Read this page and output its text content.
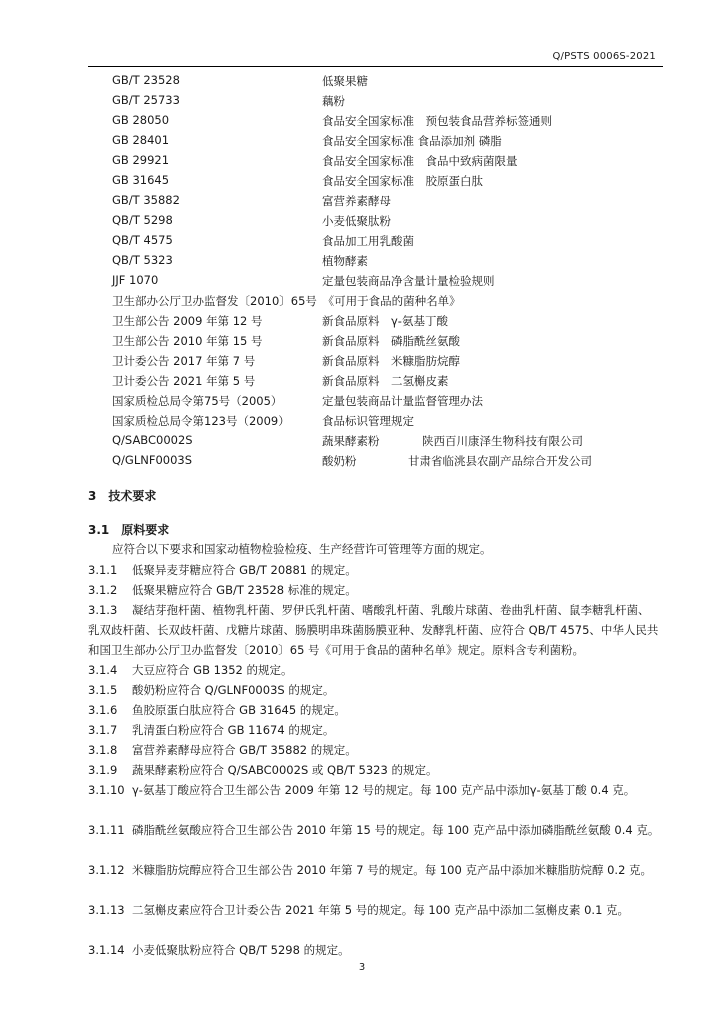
Q/PSTS 0006S-2021
GB/T 23528	低聚果糖
GB/T 25733	藕粉
GB 28050	食品安全国家标准　预包装食品营养标签通则
GB 28401	食品安全国家标准 食品添加剂 磷脂
GB 29921	食品安全国家标准　食品中致病菌限量
GB 31645	食品安全国家标准　胶原蛋白肽
GB/T 35882	富营养素酵母
QB/T 5298	小麦低聚肽粉
QB/T 4575	食品加工用乳酸菌
QB/T 5323	植物酵素
JJF 1070	定量包装商品净含量计量检验规则
卫生部办公厅卫办监督发〔2010〕65号　《可用于食品的菌种名单》
卫生部公告 2009 年第 12 号	新食品原料　γ-氨基丁酸
卫生部公告 2010 年第 15 号	新食品原料　磷脂酰丝氨酸
卫计委公告 2017 年第 7 号	新食品原料　米糠脂肪烷醇
卫计委公告 2021 年第 5 号	新食品原料　二氢槲皮素
国家质检总局令第75号（2005）	定量包装商品计量监督管理办法
国家质检总局令第123号（2009）	食品标识管理规定
Q/SABC0002S	蔬果酵素粉	陕西百川康泽生物科技有限公司
Q/GLNF0003S	酸奶粉	甘肃省临洮县农副产品综合开发公司
3　技术要求
3.1　原料要求
应符合以下要求和国家动植物检验检疫、生产经营许可管理等方面的规定。
3.1.1 低聚异麦芽糖应符合 GB/T 20881 的规定。
3.1.2 低聚果糖应符合 GB/T 23528 标准的规定。
3.1.3 凝结芽孢杆菌、植物乳杆菌、罗伊氏乳杆菌、嗜酸乳杆菌、乳酸片球菌、卷曲乳杆菌、鼠李糖乳杆菌、乳双歧杆菌、长双歧杆菌、戊糖片球菌、肠膜明串珠菌肠膜亚种、发酵乳杆菌、应符合 QB/T 4575、中华人民共和国卫生部办公厅卫办监督发〔2010〕65 号《可用于食品的菌种名单》规定。原料含专利菌粉。
3.1.4 大豆应符合 GB 1352 的规定。
3.1.5 酸奶粉应符合 Q/GLNF0003S 的规定。
3.1.6 鱼胶原蛋白肽应符合 GB 31645 的规定。
3.1.7 乳清蛋白粉应符合 GB 11674 的规定。
3.1.8 富营养素酵母应符合 GB/T 35882 的规定。
3.1.9 蔬果酵素粉应符合 Q/SABC0002S 或 QB/T 5323 的规定。
3.1.10 γ-氨基丁酸应符合卫生部公告 2009 年第 12 号的规定。每 100 克产品中添加γ-氨基丁酸 0.4 克。
3.1.11 磷脂酰丝氨酸应符合卫生部公告 2010 年第 15 号的规定。每 100 克产品中添加磷脂酰丝氨酸 0.4 克。
3.1.12 米糠脂肪烷醇应符合卫生部公告 2010 年第 7 号的规定。每 100 克产品中添加米糠脂肪烷醇 0.2 克。
3.1.13 二氢槲皮素应符合卫计委公告 2021 年第 5 号的规定。每 100 克产品中添加二氢槲皮素 0.1 克。
3.1.14 小麦低聚肽粉应符合 QB/T 5298 的规定。
3
